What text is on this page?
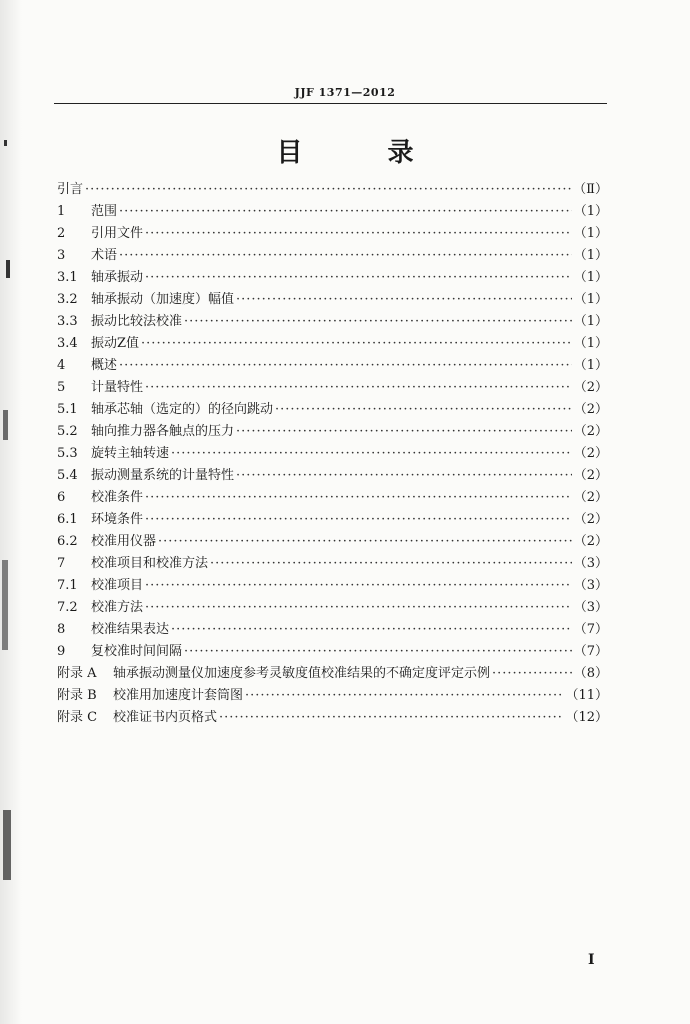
JJF 1371—2012
目 录
引言 ·····	（Ⅱ）
1	范围 ·····	（1）
2	引用文件 ·····	（1）
3	术语 ·····	（1）
3.1	轴承振动 ·····	（1）
3.2	轴承振动（加速度）幅值 ·····	（1）
3.3	振动比较法校准 ·····	（1）
3.4	振动Z值 ·····	（1）
4	概述 ·····	（1）
5	计量特性 ·····	（2）
5.1	轴承芯轴（选定的）的径向跳动 ·····	（2）
5.2	轴向推力器各触点的压力 ·····	（2）
5.3	旋转主轴转速 ·····	（2）
5.4	振动测量系统的计量特性 ·····	（2）
6	校准条件 ·····	（2）
6.1	环境条件 ·····	（2）
6.2	校准用仪器 ·····	（2）
7	校准项目和校准方法 ·····	（3）
7.1	校准项目 ·····	（3）
7.2	校准方法 ·····	（3）
8	校准结果表达 ·····	（7）
9	复校准时间间隔 ·····	（7）
附录 A	轴承振动测量仪加速度参考灵敏度值校准结果的不确定度评定示例 ·····	（8）
附录 B	校准用加速度计套筒图 ·····	（11）
附录 C	校准证书内页格式 ·····	（12）
Ⅰ
